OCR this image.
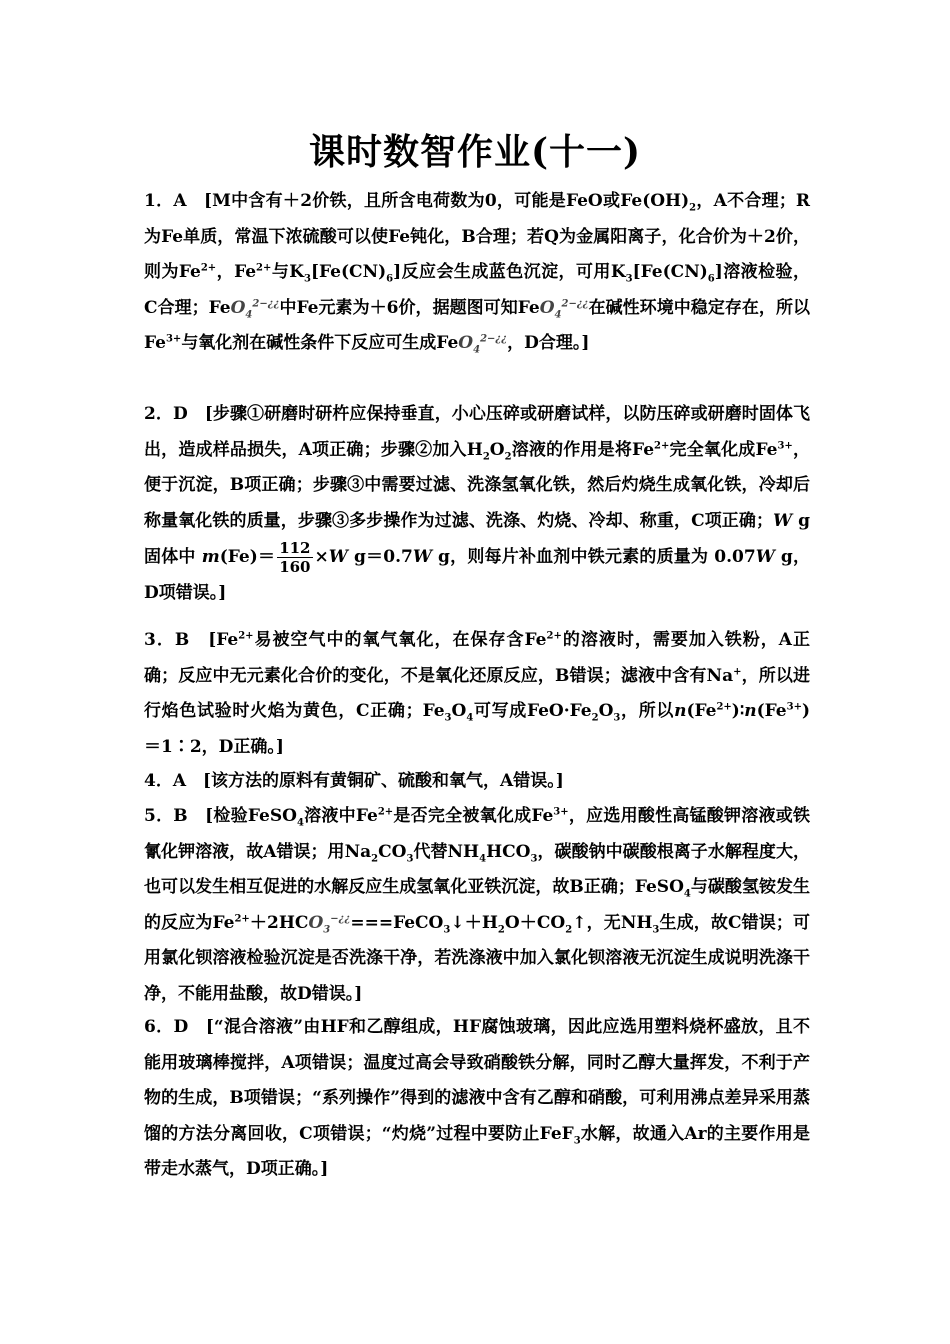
课时数智作业(十一)
1．A　[M中含有＋2价铁，且所含电荷数为0，可能是FeO或$Fe(OH)_2$，A不合理；R为Fe单质，常温下浓硫酸可以使Fe钝化，B合理；若Q为金属阳离子，化合价为＋2价，则为$Fe^{2+}$，$Fe^{2+}$与$K_3[Fe(CN)_6]$反应会生成蓝色沉淀，可用$K_3[Fe(CN)_6]$溶液检验，C合理；FeO$_4^{2-¿¿}$中Fe元素为＋6价，据题图可知FeO$_4^{2-¿¿}$在碱性环境中稳定存在，所以$Fe^{3+}$与氧化剂在碱性条件下反应可生成FeO$_4^{2-¿¿}$，D合理。]
2．D　[步骤①研磨时研杵应保持垂直，小心压碎或研磨试样，以防压碎或研磨时固体飞出，造成样品损失，A项正确；步骤②加入$H_2O_2$溶液的作用是将$Fe^{2+}$完全氧化成$Fe^{3+}$，便于沉淀，B项正确；步骤③中需要过滤、洗涤氢氧化铁，然后灼烧生成氧化铁，冷却后称量氧化铁的质量，步骤③多步操作为过滤、洗涤、灼烧、冷却、称重，C项正确；W g固体中 $m(Fe)= \frac{112}{160} \times W$ g＝0.7W g，则每片补血剂中铁元素的质量为 0.07W g，D项错误。]
3．B　[$Fe^{2+}$易被空气中的氧气氧化，在保存含$Fe^{2+}$的溶液时，需要加入铁粉，A正确；反应中无元素化合价的变化，不是氧化还原反应，B错误；滤液中含有Na+，所以进行焰色试验时火焰为黄色，C正确；$Fe_3O_4$可写成$FeO\cdot Fe_2O_3$，所以$n(Fe^{2+})∶n(Fe^{3+})=1∶2$，D正确。]
4．A　[该方法的原料有黄铜矿、硫酸和氧气，A错误。]
5．B　[检验FeSO$_4$溶液中$Fe^{2+}$是否完全被氧化成$Fe^{3+}$，应选用酸性高锰酸钾溶液或铁氰化钾溶液，故A错误；用$Na_2CO_3$代替$NH_4HCO_3$，碳酸钠中碳酸根离子水解程度大，也可以发生相互促进的水解反应生成氢氧化亚铁沉淀，故B正确；FeSO$_4$与碳酸氢铵发生的反应为$Fe^{2+}+2HCO_3^{-¿¿}===FeCO_3↓+H_2O+CO_2↑$，无$NH_3$生成，故C错误；可用氯化钡溶液检验沉淀是否洗涤干净，若洗涤液中加入氯化钡溶液无沉淀生成说明洗涤干净，不能用盐酸，故D错误。]
6．D　[“混合溶液”由HF和乙醇组成，HF腐蚀玻璃，因此应选用塑料烧杯盛放，且不能用玻璃棒搅拌，A项错误；温度过高会导致硝酸铁分解，同时乙醇大量挥发，不利于产物的生成，B项错误；“系列操作”得到的滤液中含有乙醇和硝酸，可利用沸点差异采用蒸馏的方法分离回收，C项错误；“灼烧”过程中要防止FeF$_3$水解，故通入Ar的主要作用是带走水蒸气，D项正确。]
